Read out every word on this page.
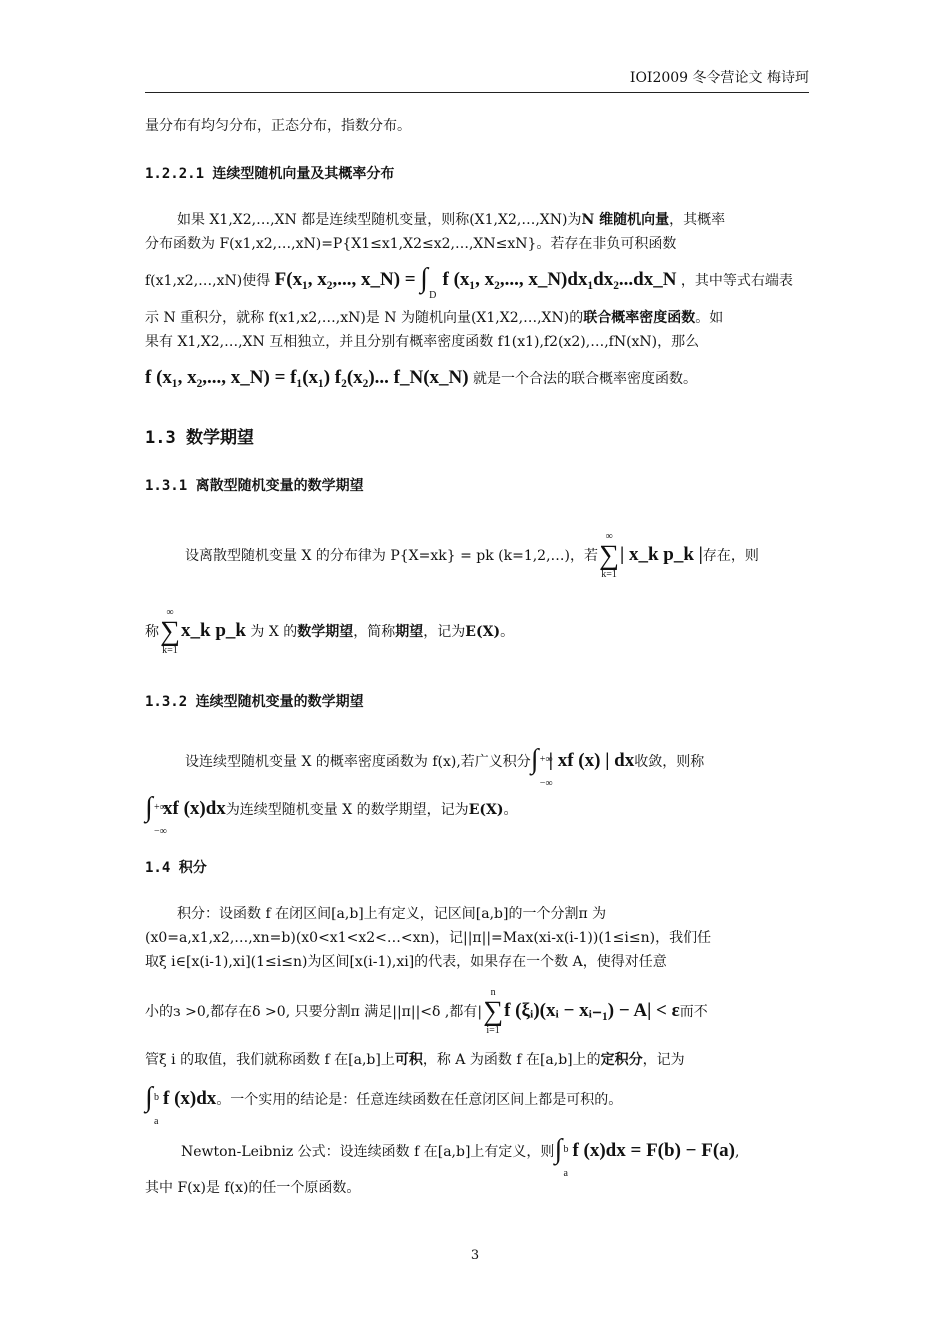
IOI2009 冬令营论文 梅诗珂
量分布有均匀分布，正态分布，指数分布。
1.2.2.1 连续型随机向量及其概率分布
如果 X1,X2,…,XN 都是连续型随机变量，则称(X1,X2,…,XN)为N 维随机向量，其概率
分布函数为 F(x1,x2,…,xN)=P{X1≤x1,X2≤x2,…,XN≤xN}。若存在非负可积函数
f(x1,x2,…,xN)使得 F(x₁, x₂,..., x_N) = ∫
D
f (x₁, x₂,..., x_N)dx₁dx₂...dx_N ，其中等式右端表
示 N 重积分，就称 f(x1,x2,…,xN)是 N 为随机向量(X1,X2,…,XN)的联合概率密度函数。如
果有 X1,X2,…,XN 互相独立，并且分别有概率密度函数 f1(x1),f2(x2),…,fN(xN)，那么
f (x₁, x₂,..., x_N) = f₁(x₁) f₂(x₂)... f_N(x_N) 就是一个合法的联合概率密度函数。
1.3 数学期望
1.3.1 离散型随机变量的数学期望
设离散型随机变量 X 的分布律为 P{X=xk} = pk (k=1,2,…)，若
∞
∑
k=1
| x_k p_k |存在，则
称
∞
∑
k=1
x_k p_k 为 X 的数学期望，简称期望，记为E(X)。
1.3.2 连续型随机变量的数学期望
设连续型随机变量 X 的概率密度函数为 f(x),若广义积分 ∫ +∞
−∞
| xf (x) | dx收敛，则称
∫ +∞
−∞
xf (x)dx为连续型随机变量 X 的数学期望，记为E(X)。
1.4 积分
积分：设函数 f 在闭区间[a,b]上有定义，记区间[a,b]的一个分割π 为
(x0=a,x1,x2,…,xn=b)(x0<x1<x2<…<xn)，记||π||=Max(xi-x(i-1))(1≤i≤n)，我们任
取ξ i∈[x(i-1),xi](1≤i≤n)为区间[x(i-1),xi]的代表，如果存在一个数 A，使得对任意
小的з >0,都存在δ >0, 只要分割π 满足||π||<δ ,都有|
n
∑
i=1
f (ξᵢ)(xᵢ − xᵢ₋₁) − A| < ε而不
管ξ i 的取值，我们就称函数 f 在[a,b]上可积，称 A 为函数 f 在[a,b]上的定积分，记为
∫ b
a
f (x)dx。一个实用的结论是：任意连续函数在任意闭区间上都是可积的。
Newton-Leibniz 公式：设连续函数 f 在[a,b]上有定义，则 ∫ b
a
f (x)dx = F(b) − F(a),
其中 F(x)是 f(x)的任一个原函数。
3
